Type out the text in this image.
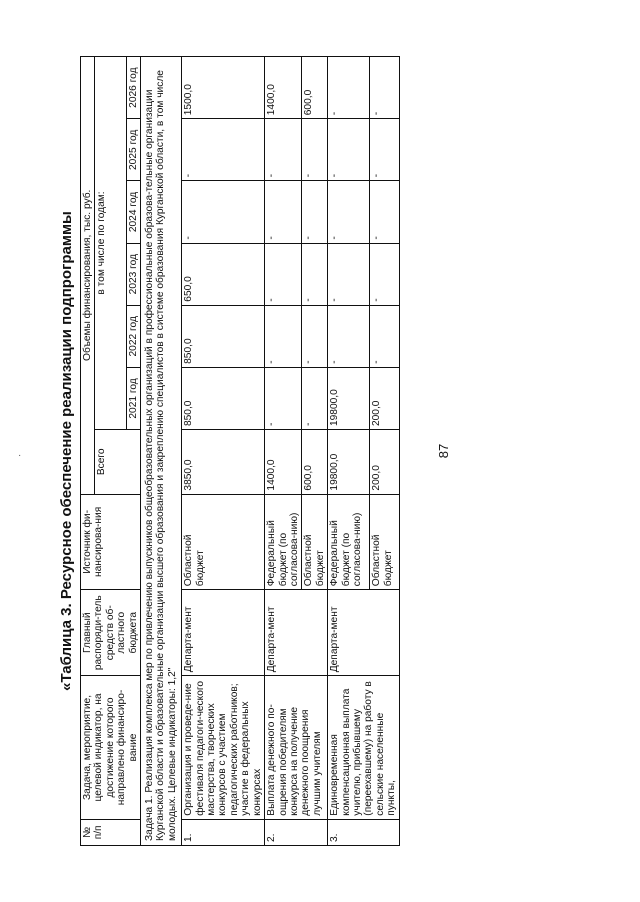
«Таблица 3. Ресурсное обеспечение реализации подпрограммы
№ п/п	Задача, мероприятие, целевой индикатор, на достижение которого направлено финансиро-вание	Главный распоряди-тель средств об-ластного бюджета	Источник фи-нансирова-ния	Объемы финансирования, тыс. руб.						
				Всего	в том числе по годам:					
					2021 год	2022 год	2023 год	2024 год	2025 год	2026 год
Задача 1. Реализация комплекса мер по привлечению выпускников общеобразовательных организаций в профессиональные образова-тельные организации Курганской области и образовательные организации высшего образования и закреплению специалистов в системе образования Курганской области, в том числе молодых. Целевые индикаторы: 1,2"										
1.	Организация и проведе-ние фестиваля педагоги-ческого мастерства, творческих конкурсов с участием педагогических работников; участие в федеральных конкурсах	Департа-мент	Областной бюджет	3850,0	850,0	850,0	650,0	-	-	1500,0
2.	Выплата денежного по-ощрения победителям конкурса на получение денежного поощрения лучшим учителям	Департа-мент	Федеральный бюджет (по согласова-нию)	1400,0	-	-	-	-	-	1400,0
			Областной бюджет	600,0	-	-	-	-	-	600,0
3.	Единовременная компенсационная выплата учителю, прибывшему (переехавшему) на работу в сельские населенные пункты,	Департа-мент	Федеральный бюджет (по согласова-нию)	19800,0	19800,0	-	-	-	-	-
			Областной бюджет	200,0	200,0	-	-	-	-	-
87
·
